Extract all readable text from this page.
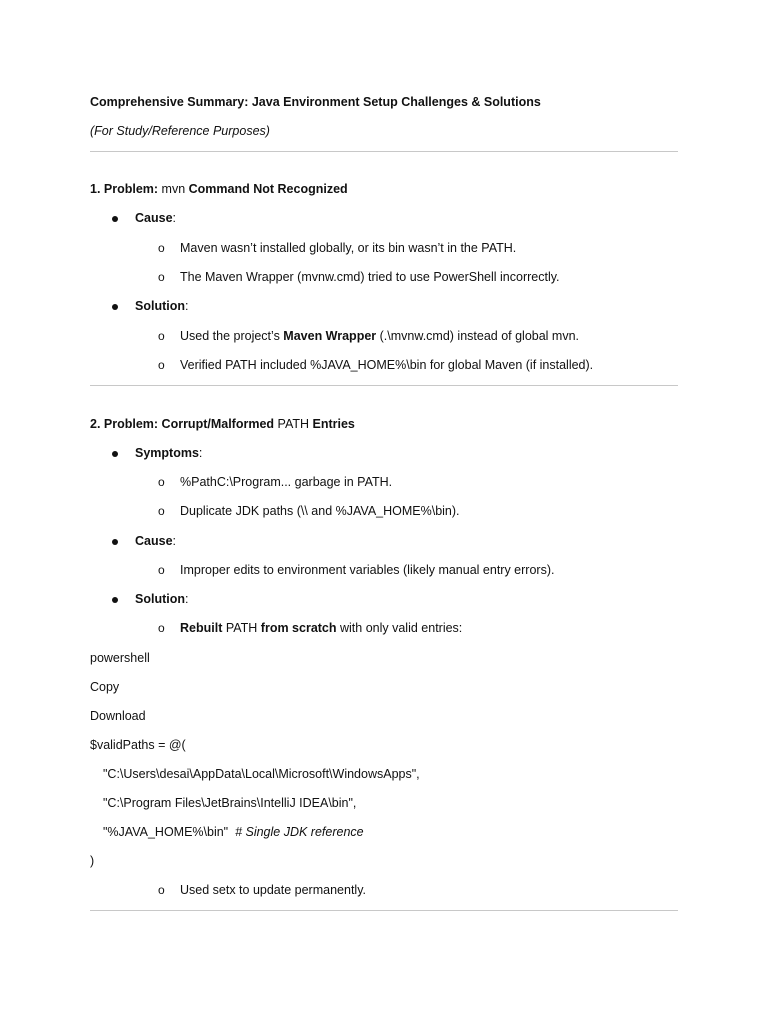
Comprehensive Summary: Java Environment Setup Challenges & Solutions
(For Study/Reference Purposes)
1. Problem: mvn Command Not Recognized
Cause:
o Maven wasn’t installed globally, or its bin wasn’t in the PATH.
o The Maven Wrapper (mvnw.cmd) tried to use PowerShell incorrectly.
Solution:
o Used the project’s Maven Wrapper (.\mvnw.cmd) instead of global mvn.
o Verified PATH included %JAVA_HOME%\bin for global Maven (if installed).
2. Problem: Corrupt/Malformed PATH Entries
Symptoms:
o %PathC:\Program... garbage in PATH.
o Duplicate JDK paths (\\ and %JAVA_HOME%\bin).
Cause:
o Improper edits to environment variables (likely manual entry errors).
Solution:
o Rebuilt PATH from scratch with only valid entries:
powershell
Copy
Download
$validPaths = @(
"C:\Users\desai\AppData\Local\Microsoft\WindowsApps",
"C:\Program Files\JetBrains\IntelliJ IDEA\bin",
"%JAVA_HOME%\bin"  # Single JDK reference
)
o Used setx to update permanently.
